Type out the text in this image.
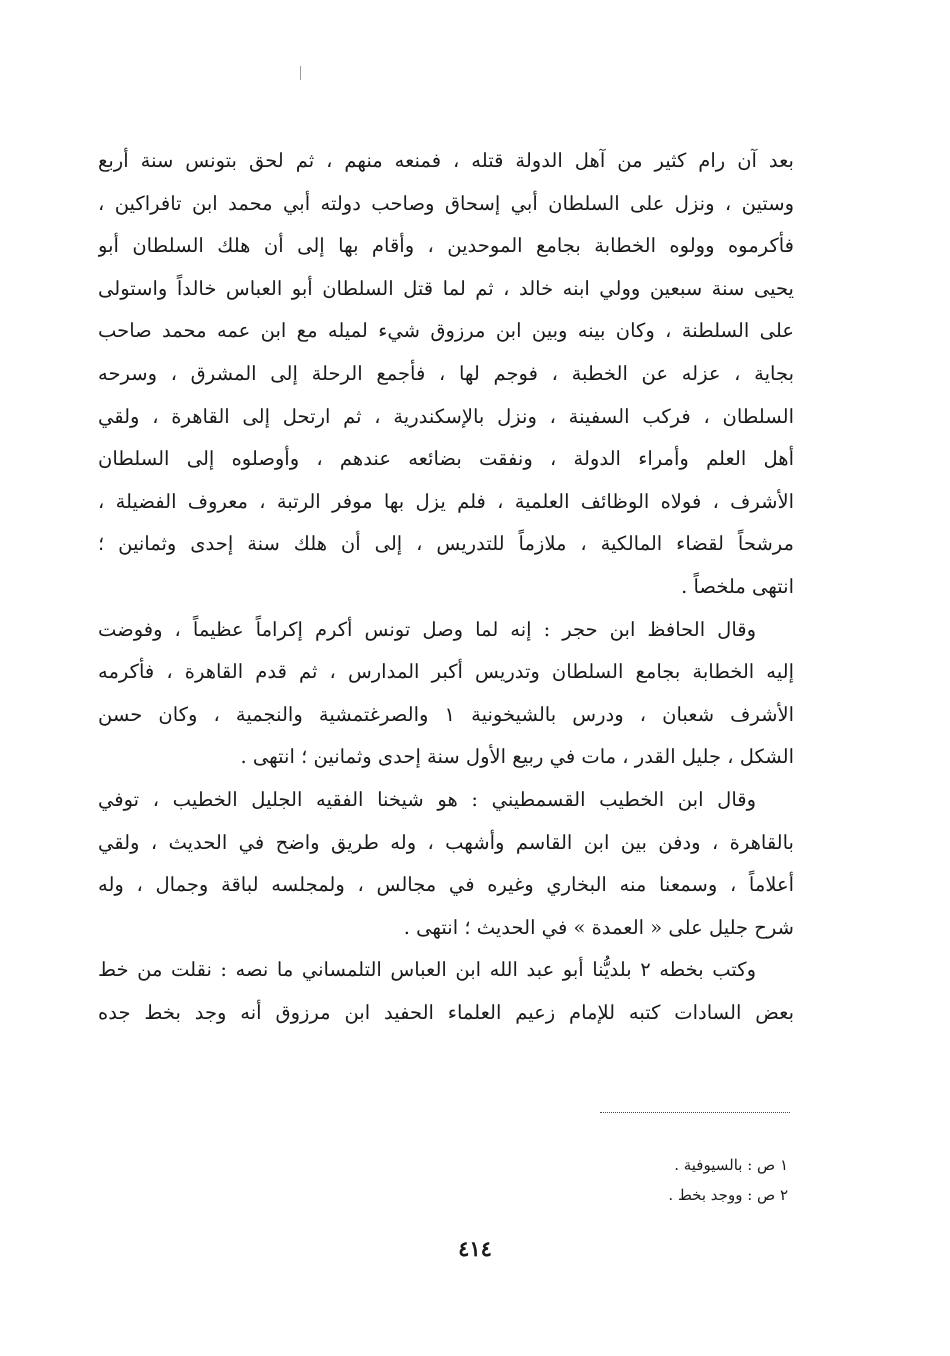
بعد آن رام كثير من آهل الدولة قتله ، فمنعه منهم ، ثم لحق بتونس سنة أربع
وستين ، ونزل على السلطان أبي إسحاق وصاحب دولته أبي محمد ابن تافراكين ،
فأكرموه وولوه الخطابة بجامع الموحدين ، وأقام بها إلى أن هلك السلطان أبو
يحيى سنة سبعين وولي ابنه خالد ، ثم لما قتل السلطان أبو العباس خالداً واستولى
على السلطنة ، وكان بينه وبين ابن مرزوق شيء لميله مع ابن عمه محمد صاحب
بجاية ، عزله عن الخطبة ، فوجم لها ، فأجمع الرحلة إلى المشرق ، وسرحه
السلطان ، فركب السفينة ، ونزل بالإسكندرية ، ثم ارتحل إلى القاهرة ، ولقي
أهل العلم وأمراء الدولة ، ونفقت بضائعه عندهم ، وأوصلوه إلى السلطان
الأشرف ، فولاه الوظائف العلمية ، فلم يزل بها موفر الرتبة ، معروف الفضيلة ،
مرشحاً لقضاء المالكية ، ملازماً للتدريس ، إلى أن هلك سنة إحدى وثمانين ؛
انتهى ملخصاً .
وقال الحافظ ابن حجر : إنه لما وصل تونس أكرم إكراماً عظيماً ، وفوضت
إليه الخطابة بجامع السلطان وتدريس أكبر المدارس ، ثم قدم القاهرة ، فأكرمه
الأشرف شعبان ، ودرس بالشيخونية ١ والصرغتمشية والنجمية ، وكان حسن
الشكل ، جليل القدر ، مات في ربيع الأول سنة إحدى وثمانين ؛ انتهى .
وقال ابن الخطيب القسمطيني : هو شيخنا الفقيه الجليل الخطيب ، توفي
بالقاهرة ، ودفن بين ابن القاسم وأشهب ، وله طريق واضح في الحديث ، ولقي
أعلاماً ، وسمعنا منه البخاري وغيره في مجالس ، ولمجلسه لباقة وجمال ، وله
شرح جليل على « العمدة » في الحديث ؛ انتهى .
وكتب بخطه ٢ بلديُّنا أبو عبد الله ابن العباس التلمساني ما نصه : نقلت من خط
بعض السادات كتبه للإمام زعيم العلماء الحفيد ابن مرزوق أنه وجد بخط جده
١ ص : بالسيوفية .
٢ ص : ووجد بخط .
٤١٤
